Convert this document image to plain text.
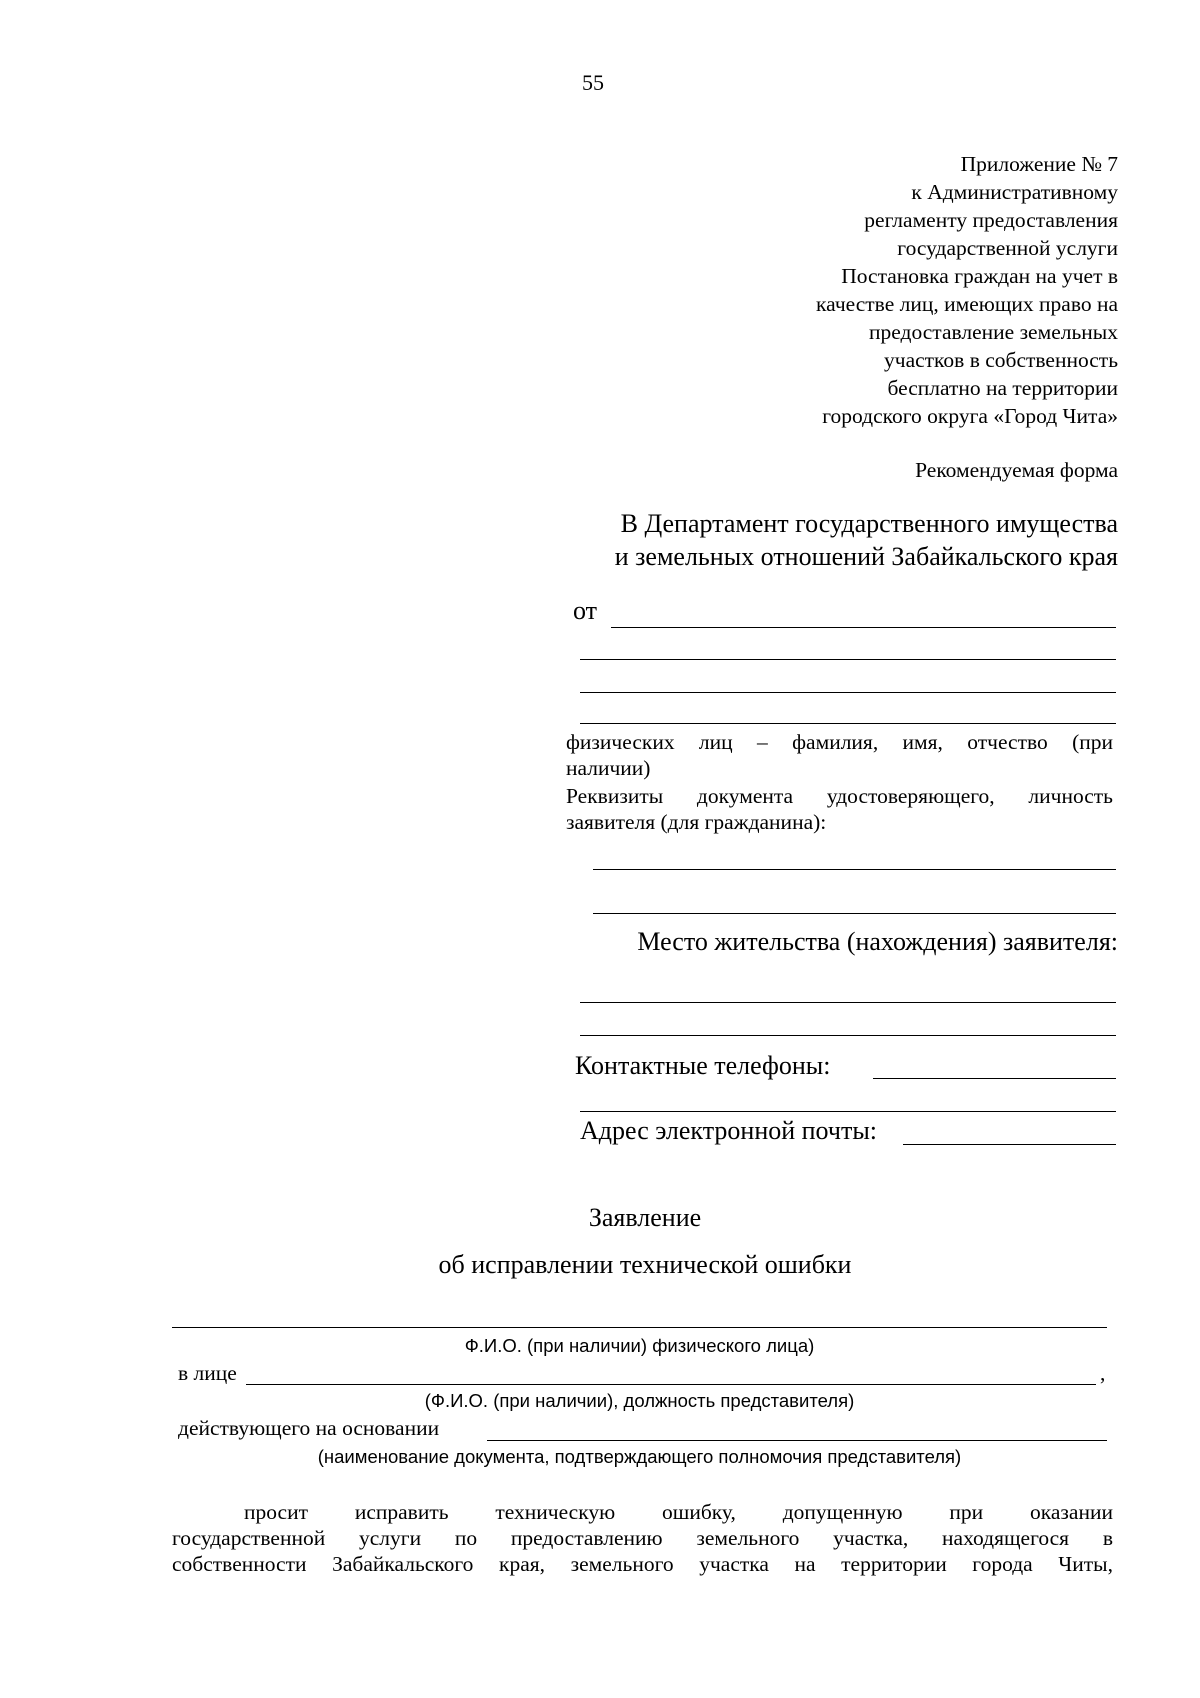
55
Приложение № 7
к Административному
регламенту предоставления
государственной услуги
Постановка граждан на учет в
качестве лиц, имеющих право на
предоставление земельных
участков в собственность
бесплатно на территории
городского округа «Город Чита»
Рекомендуемая форма
В Департамент государственного имущества
и земельных отношений Забайкальского края
от
физических лиц – фамилия, имя, отчество (при
наличии)
Реквизиты документа удостоверяющего, личность
заявителя (для гражданина):
Место жительства (нахождения) заявителя:
Контактные телефоны:
Адрес электронной почты:
Заявление
об исправлении технической ошибки
Ф.И.О. (при наличии) физического лица)
в лице	,
(Ф.И.О. (при наличии), должность представителя)
действующего на основании
(наименование документа, подтверждающего полномочия представителя)
просит исправить техническую ошибку, допущенную при оказании
государственной услуги по предоставлению земельного участка, находящегося в
собственности Забайкальского края, земельного участка на территории города Читы,
